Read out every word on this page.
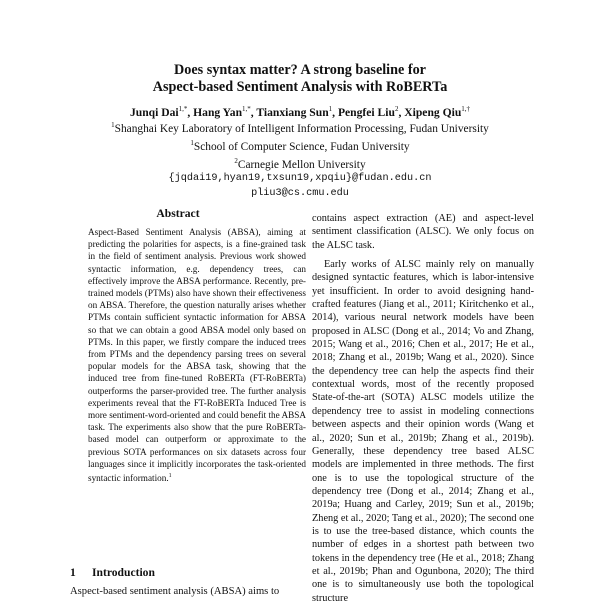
Does syntax matter? A strong baseline for
Aspect-based Sentiment Analysis with RoBERTa
Junqi Dai$^{1,*}$, Hang Yan$^{1,*}$, Tianxiang Sun$^1$, Pengfei Liu$^2$, Xipeng Qiu$^{1,\dagger}$
$^1$Shanghai Key Laboratory of Intelligent Information Processing, Fudan University
$^1$School of Computer Science, Fudan University
$^2$Carnegie Mellon University
{jqdai19,hyan19,txsun19,xpqiu}@fudan.edu.cn
pliu3@cs.cmu.edu
Abstract
Aspect-Based Sentiment Analysis (ABSA), aiming at predicting the polarities for aspects, is a fine-grained task in the field of sentiment analysis. Previous work showed syntactic information, e.g. dependency trees, can effectively improve the ABSA performance. Recently, pre-trained models (PTMs) also have shown their effectiveness on ABSA. Therefore, the question naturally arises whether PTMs contain sufficient syntactic information for ABSA so that we can obtain a good ABSA model only based on PTMs. In this paper, we firstly compare the induced trees from PTMs and the dependency parsing trees on several popular models for the ABSA task, showing that the induced tree from fine-tuned RoBERTa (FT-RoBERTa) outperforms the parser-provided tree. The further analysis experiments reveal that the FT-RoBERTa Induced Tree is more sentiment-word-oriented and could benefit the ABSA task. The experiments also show that the pure RoBERTa-based model can outperform or approximate to the previous SOTA performances on six datasets across four languages since it implicitly incorporates the task-oriented syntactic information.$^1$
1 Introduction
Aspect-based sentiment analysis (ABSA) aims to

contains aspect extraction (AE) and aspect-level sentiment classification (ALSC). We only focus on the ALSC task.

Early works of ALSC mainly rely on manually designed syntactic features, which is labor-intensive yet insufficient. In order to avoid designing hand-crafted features (Jiang et al., 2011; Kiritchenko et al., 2014), various neural network models have been proposed in ALSC (Dong et al., 2014; Vo and Zhang, 2015; Wang et al., 2016; Chen et al., 2017; He et al., 2018; Zhang et al., 2019b; Wang et al., 2020). Since the dependency tree can help the aspects find their contextual words, most of the recently proposed State-of-the-art (SOTA) ALSC models utilize the dependency tree to assist in modeling connections between aspects and their opinion words (Wang et al., 2020; Sun et al., 2019b; Zhang et al., 2019b). Generally, these dependency tree based ALSC models are implemented in three methods. The first one is to use the topological structure of the dependency tree (Dong et al., 2014; Zhang et al., 2019a; Huang and Carley, 2019; Sun et al., 2019b; Zheng et al., 2020; Tang et al., 2020); The second one is to use the tree-based distance, which counts the number of edges in a shortest path between two tokens in the dependency tree (He et al., 2018; Zhang et al., 2019b; Phan and Ogunbona, 2020); The third one is to simultaneously use both the topological structure
